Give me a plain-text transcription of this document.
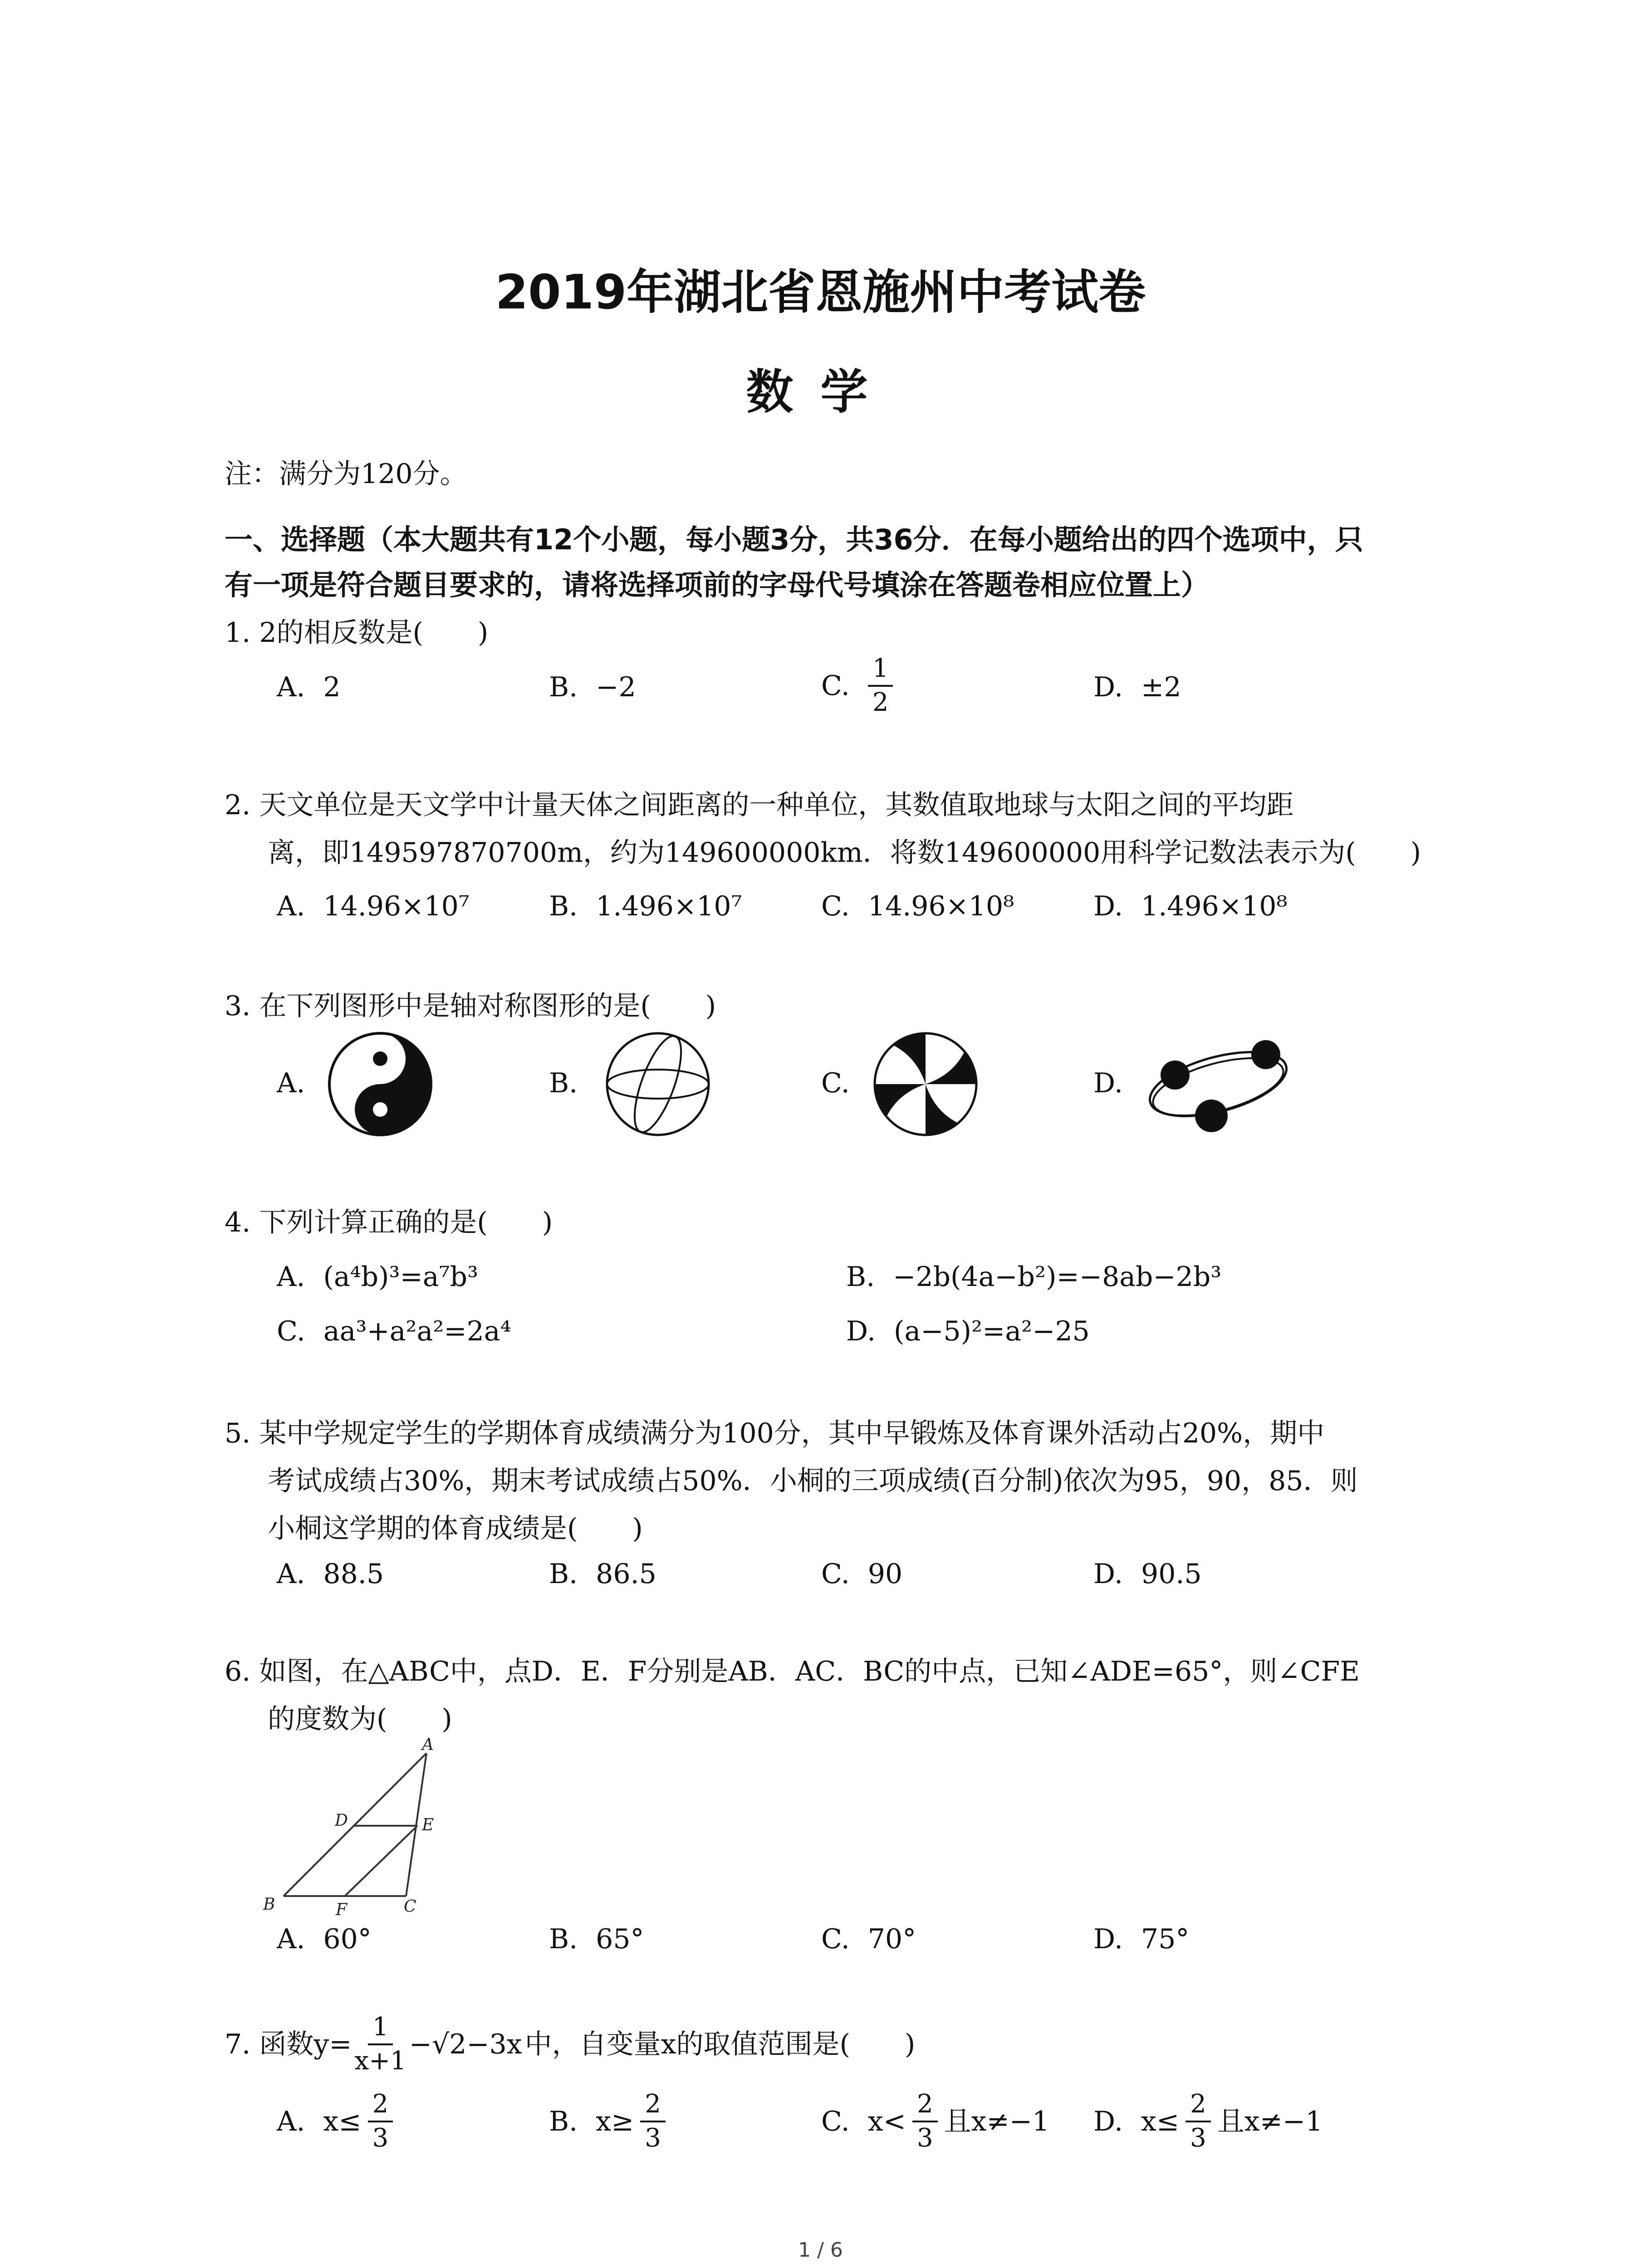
2019年湖北省恩施州中考试卷
数学
注：满分为120分。
一、选择题（本大题共有12个小题，每小题3分，共36分．在每小题给出的四个选项中，只
有一项是符合题目要求的，请将选择项前的字母代号填涂在答题卷相应位置上）
1. 2的相反数是(　　)
A. 2	B. −2	C. $\frac{1}{2}$	D. ±2
2. 天文单位是天文学中计量天体之间距离的一种单位，其数值取地球与太阳之间的平均距
离，即149597870700m，约为149600000km．将数149600000用科学记数法表示为(　　)
A. 14.96×10⁷	B. 1.496×10⁷	C. 14.96×10⁸	D. 1.496×10⁸
3. 在下列图形中是轴对称图形的是(　　)
A.	B.	C.	D.
4. 下列计算正确的是(　　)
A. (a⁴b)³=a⁷b³	B. −2b(4a−b²)=−8ab−2b³
C. aa³+a²a²=2a⁴	D. (a−5)²=a²−25
5. 某中学规定学生的学期体育成绩满分为100分，其中早锻炼及体育课外活动占20%，期中
考试成绩占30%，期末考试成绩占50%．小桐的三项成绩(百分制)依次为95，90，85．则
小桐这学期的体育成绩是(　　)
A. 88.5	B. 86.5	C. 90	D. 90.5
6. 如图，在△ABC中，点D．E．F分别是AB．AC．BC的中点，已知∠ADE=65°，则∠CFE
的度数为(　　)
A
B	C
D	E
F
A. 60°	B. 65°	C. 70°	D. 75°
7. 函数$y= \frac{1}{x+1} -√2-3x$ 中，自变量x的取值范围是(　　)
A. $x\le \frac{2}{3}$	B. $x\ge \frac{2}{3}$	C. $x< \frac{2}{3}$ 且x≠−1 D. $x\le \frac{2}{3}$ 且x≠−1
1 / 6
